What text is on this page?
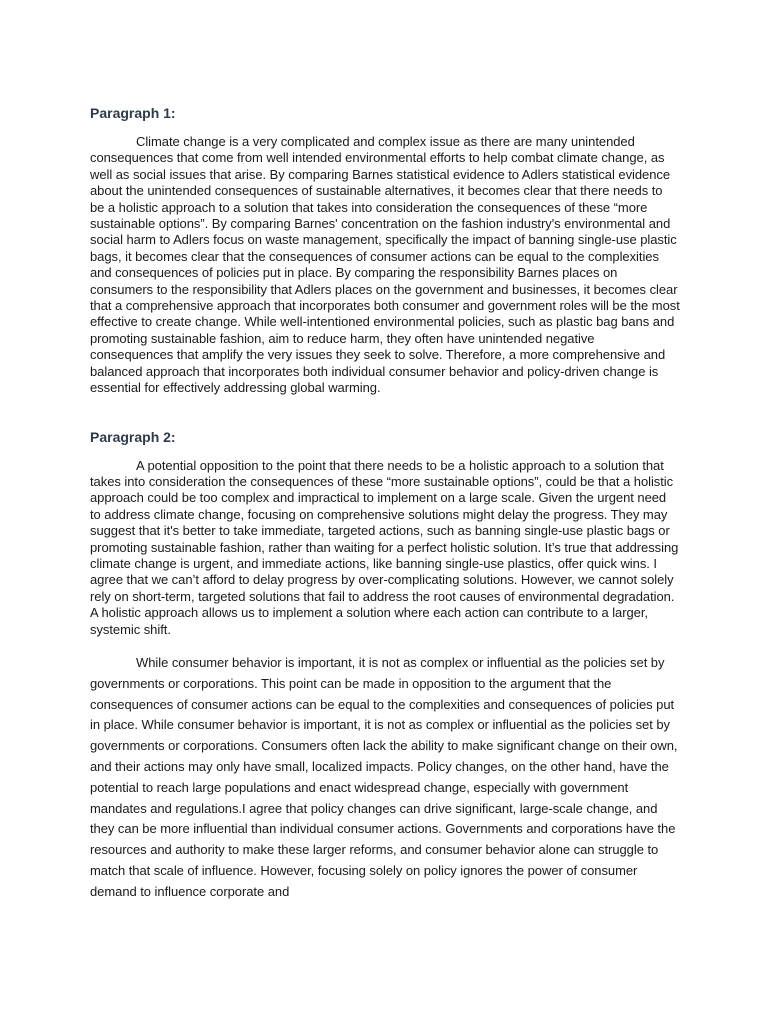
Paragraph 1:

Climate change is a very complicated and complex issue as there are many unintended consequences that come from well intended environmental efforts to help combat climate change, as well as social issues that arise. By comparing Barnes statistical evidence to Adlers statistical evidence about the unintended consequences of sustainable alternatives, it becomes clear that there needs to be a holistic approach to a solution that takes into consideration the consequences of these “more sustainable options”. By comparing Barnes' concentration on the fashion industry's environmental and social harm to Adlers focus on waste management, specifically the impact of banning single-use plastic bags, it becomes clear that the consequences of consumer actions can be equal to the complexities and consequences of policies put in place. By comparing the responsibility Barnes places on consumers to the responsibility that Adlers places on the government and businesses, it becomes clear that a comprehensive approach that incorporates both consumer and government roles will be the most effective to create change. While well-intentioned environmental policies, such as plastic bag bans and promoting sustainable fashion, aim to reduce harm, they often have unintended negative consequences that amplify the very issues they seek to solve. Therefore, a more comprehensive and balanced approach that incorporates both individual consumer behavior and policy-driven change is essential for effectively addressing global warming.

Paragraph 2:

A potential opposition to the point that there needs to be a holistic approach to a solution that takes into consideration the consequences of these “more sustainable options”, could be that a holistic approach could be too complex and impractical to implement on a large scale. Given the urgent need to address climate change, focusing on comprehensive solutions might delay the progress. They may suggest that it's better to take immediate, targeted actions, such as banning single-use plastic bags or promoting sustainable fashion, rather than waiting for a perfect holistic solution. It’s true that addressing climate change is urgent, and immediate actions, like banning single-use plastics, offer quick wins. I agree that we can’t afford to delay progress by over-complicating solutions. However, we cannot solely rely on short-term, targeted solutions that fail to address the root causes of environmental degradation. A holistic approach allows us to implement a solution where each action can contribute to a larger, systemic shift.

While consumer behavior is important, it is not as complex or influential as the policies set by governments or corporations. This point can be made in opposition to the argument that the consequences of consumer actions can be equal to the complexities and consequences of policies put in place. While consumer behavior is important, it is not as complex or influential as the policies set by governments or corporations. Consumers often lack the ability to make significant change on their own, and their actions may only have small, localized impacts. Policy changes, on the other hand, have the potential to reach large populations and enact widespread change, especially with government mandates and regulations.I agree that policy changes can drive significant, large-scale change, and they can be more influential than individual consumer actions. Governments and corporations have the resources and authority to make these larger reforms, and consumer behavior alone can struggle to match that scale of influence. However, focusing solely on policy ignores the power of consumer demand to influence corporate and
